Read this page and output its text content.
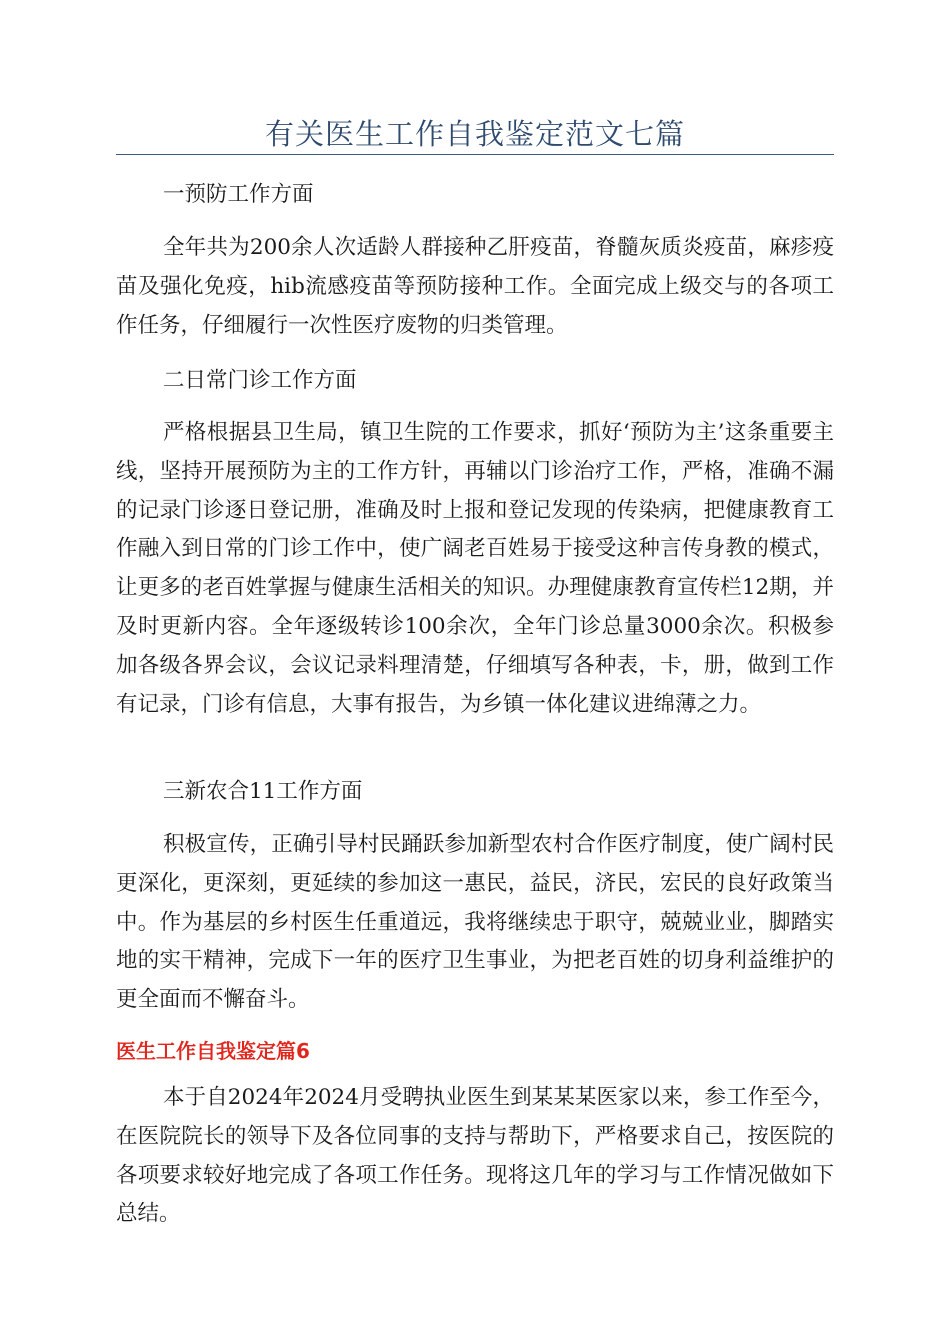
有关医生工作自我鉴定范文七篇

一预防工作方面

全年共为200余人次适龄人群接种乙肝疫苗，脊髓灰质炎疫苗，麻疹疫苗及强化免疫，hib流感疫苗等预防接种工作。全面完成上级交与的各项工作任务，仔细履行一次性医疗废物的归类管理。

二日常门诊工作方面

严格根据县卫生局，镇卫生院的工作要求，抓好‘预防为主’这条重要主线，坚持开展预防为主的工作方针，再辅以门诊治疗工作，严格，准确不漏的记录门诊逐日登记册，准确及时上报和登记发现的传染病，把健康教育工作融入到日常的门诊工作中，使广阔老百姓易于接受这种言传身教的模式，让更多的老百姓掌握与健康生活相关的知识。办理健康教育宣传栏12期，并及时更新内容。全年逐级转诊100余次，全年门诊总量3000余次。积极参加各级各界会议，会议记录料理清楚，仔细填写各种表，卡，册，做到工作有记录，门诊有信息，大事有报告，为乡镇一体化建议进绵薄之力。

三新农合11工作方面

积极宣传，正确引导村民踊跃参加新型农村合作医疗制度，使广阔村民更深化，更深刻，更延续的参加这一惠民，益民，济民，宏民的良好政策当中。作为基层的乡村医生任重道远，我将继续忠于职守，兢兢业业，脚踏实地的实干精神，完成下一年的医疗卫生事业，为把老百姓的切身利益维护的更全面而不懈奋斗。

医生工作自我鉴定篇6

本于自2024年2024月受聘执业医生到某某某医家以来，参工作至今，在医院院长的领导下及各位同事的支持与帮助下，严格要求自己，按医院的各项要求较好地完成了各项工作任务。现将这几年的学习与工作情况做如下总结。
